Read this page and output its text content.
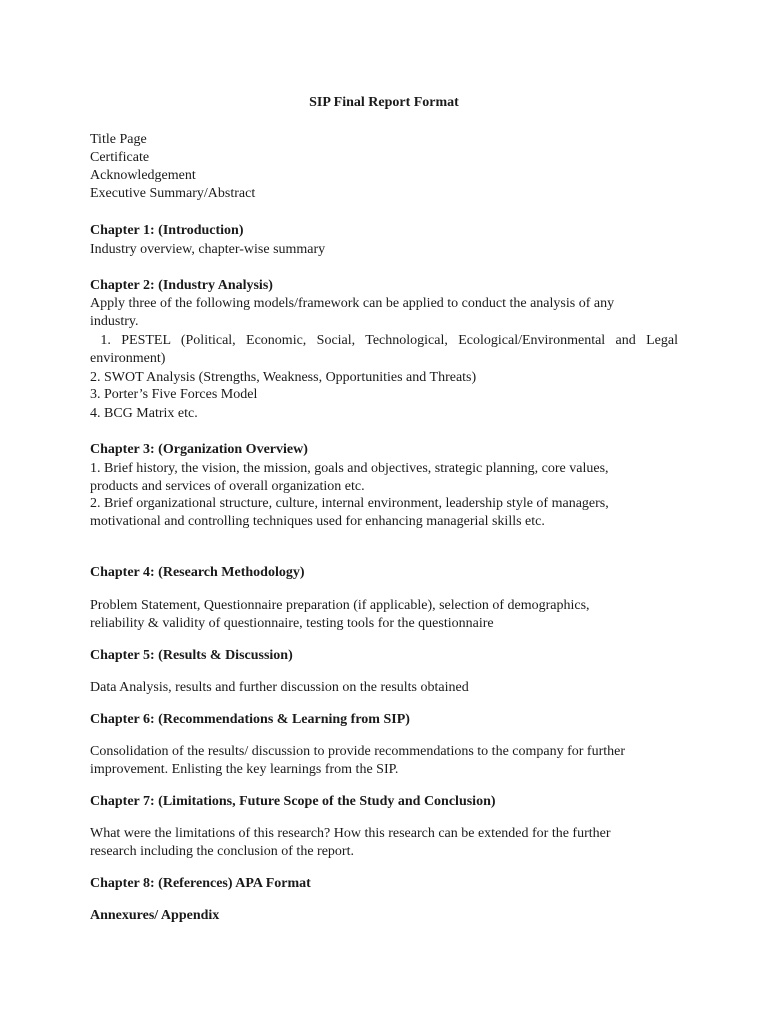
SIP Final Report Format
Title Page
Certificate
Acknowledgement
Executive Summary/Abstract
Chapter 1: (Introduction)
Industry overview, chapter-wise summary
Chapter 2: (Industry Analysis)
Apply three of the following models/framework can be applied to conduct the analysis of any
industry.
1. PESTEL (Political, Economic, Social, Technological, Ecological/Environmental and Legal
environment)
2. SWOT Analysis (Strengths, Weakness, Opportunities and Threats)
3. Porter’s Five Forces Model
4. BCG Matrix etc.
Chapter 3: (Organization Overview)
1. Brief history, the vision, the mission, goals and objectives, strategic planning, core values,
products and services of overall organization etc.
2. Brief organizational structure, culture, internal environment, leadership style of managers,
motivational and controlling techniques used for enhancing managerial skills etc.
Chapter 4: (Research Methodology)
Problem Statement, Questionnaire preparation (if applicable), selection of demographics,
reliability & validity of questionnaire, testing tools for the questionnaire
Chapter 5: (Results & Discussion)
Data Analysis, results and further discussion on the results obtained
Chapter 6: (Recommendations & Learning from SIP)
Consolidation of the results/ discussion to provide recommendations to the company for further
improvement. Enlisting the key learnings from the SIP.
Chapter 7: (Limitations, Future Scope of the Study and Conclusion)
What were the limitations of this research? How this research can be extended for the further
research including the conclusion of the report.
Chapter 8: (References) APA Format
Annexures/ Appendix
